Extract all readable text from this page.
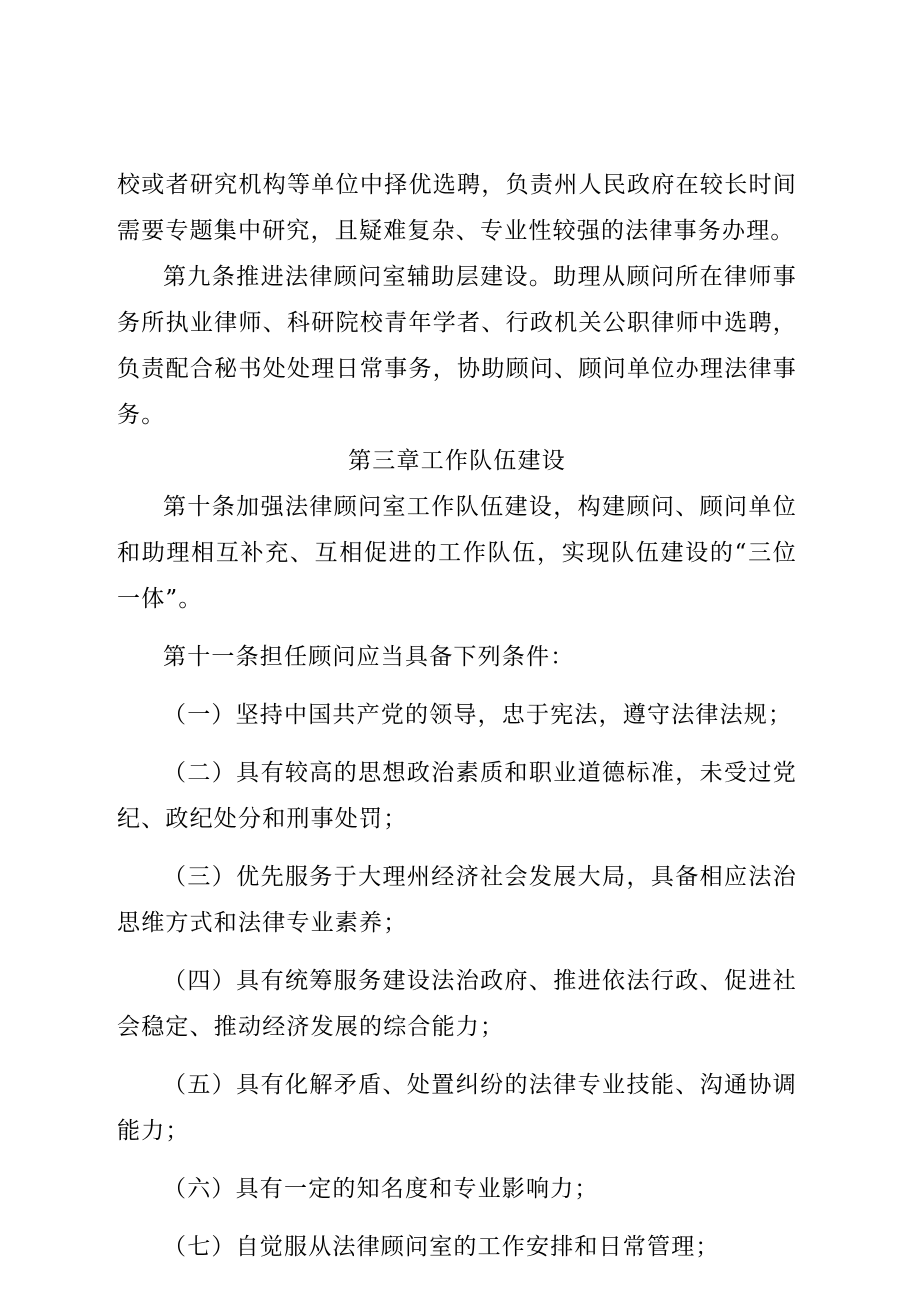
校或者研究机构等单位中择优选聘，负责州人民政府在较长时间需要专题集中研究，且疑难复杂、专业性较强的法律事务办理。

第九条推进法律顾问室辅助层建设。助理从顾问所在律师事务所执业律师、科研院校青年学者、行政机关公职律师中选聘，负责配合秘书处处理日常事务，协助顾问、顾问单位办理法律事务。

第三章工作队伍建设

第十条加强法律顾问室工作队伍建设，构建顾问、顾问单位和助理相互补充、互相促进的工作队伍，实现队伍建设的“三位一体”。

第十一条担任顾问应当具备下列条件：

（一）坚持中国共产党的领导，忠于宪法，遵守法律法规；

（二）具有较高的思想政治素质和职业道德标准，未受过党纪、政纪处分和刑事处罚；

（三）优先服务于大理州经济社会发展大局，具备相应法治思维方式和法律专业素养；

（四）具有统筹服务建设法治政府、推进依法行政、促进社会稳定、推动经济发展的综合能力；

（五）具有化解矛盾、处置纠纷的法律专业技能、沟通协调能力；

（六）具有一定的知名度和专业影响力；

（七）自觉服从法律顾问室的工作安排和日常管理；
